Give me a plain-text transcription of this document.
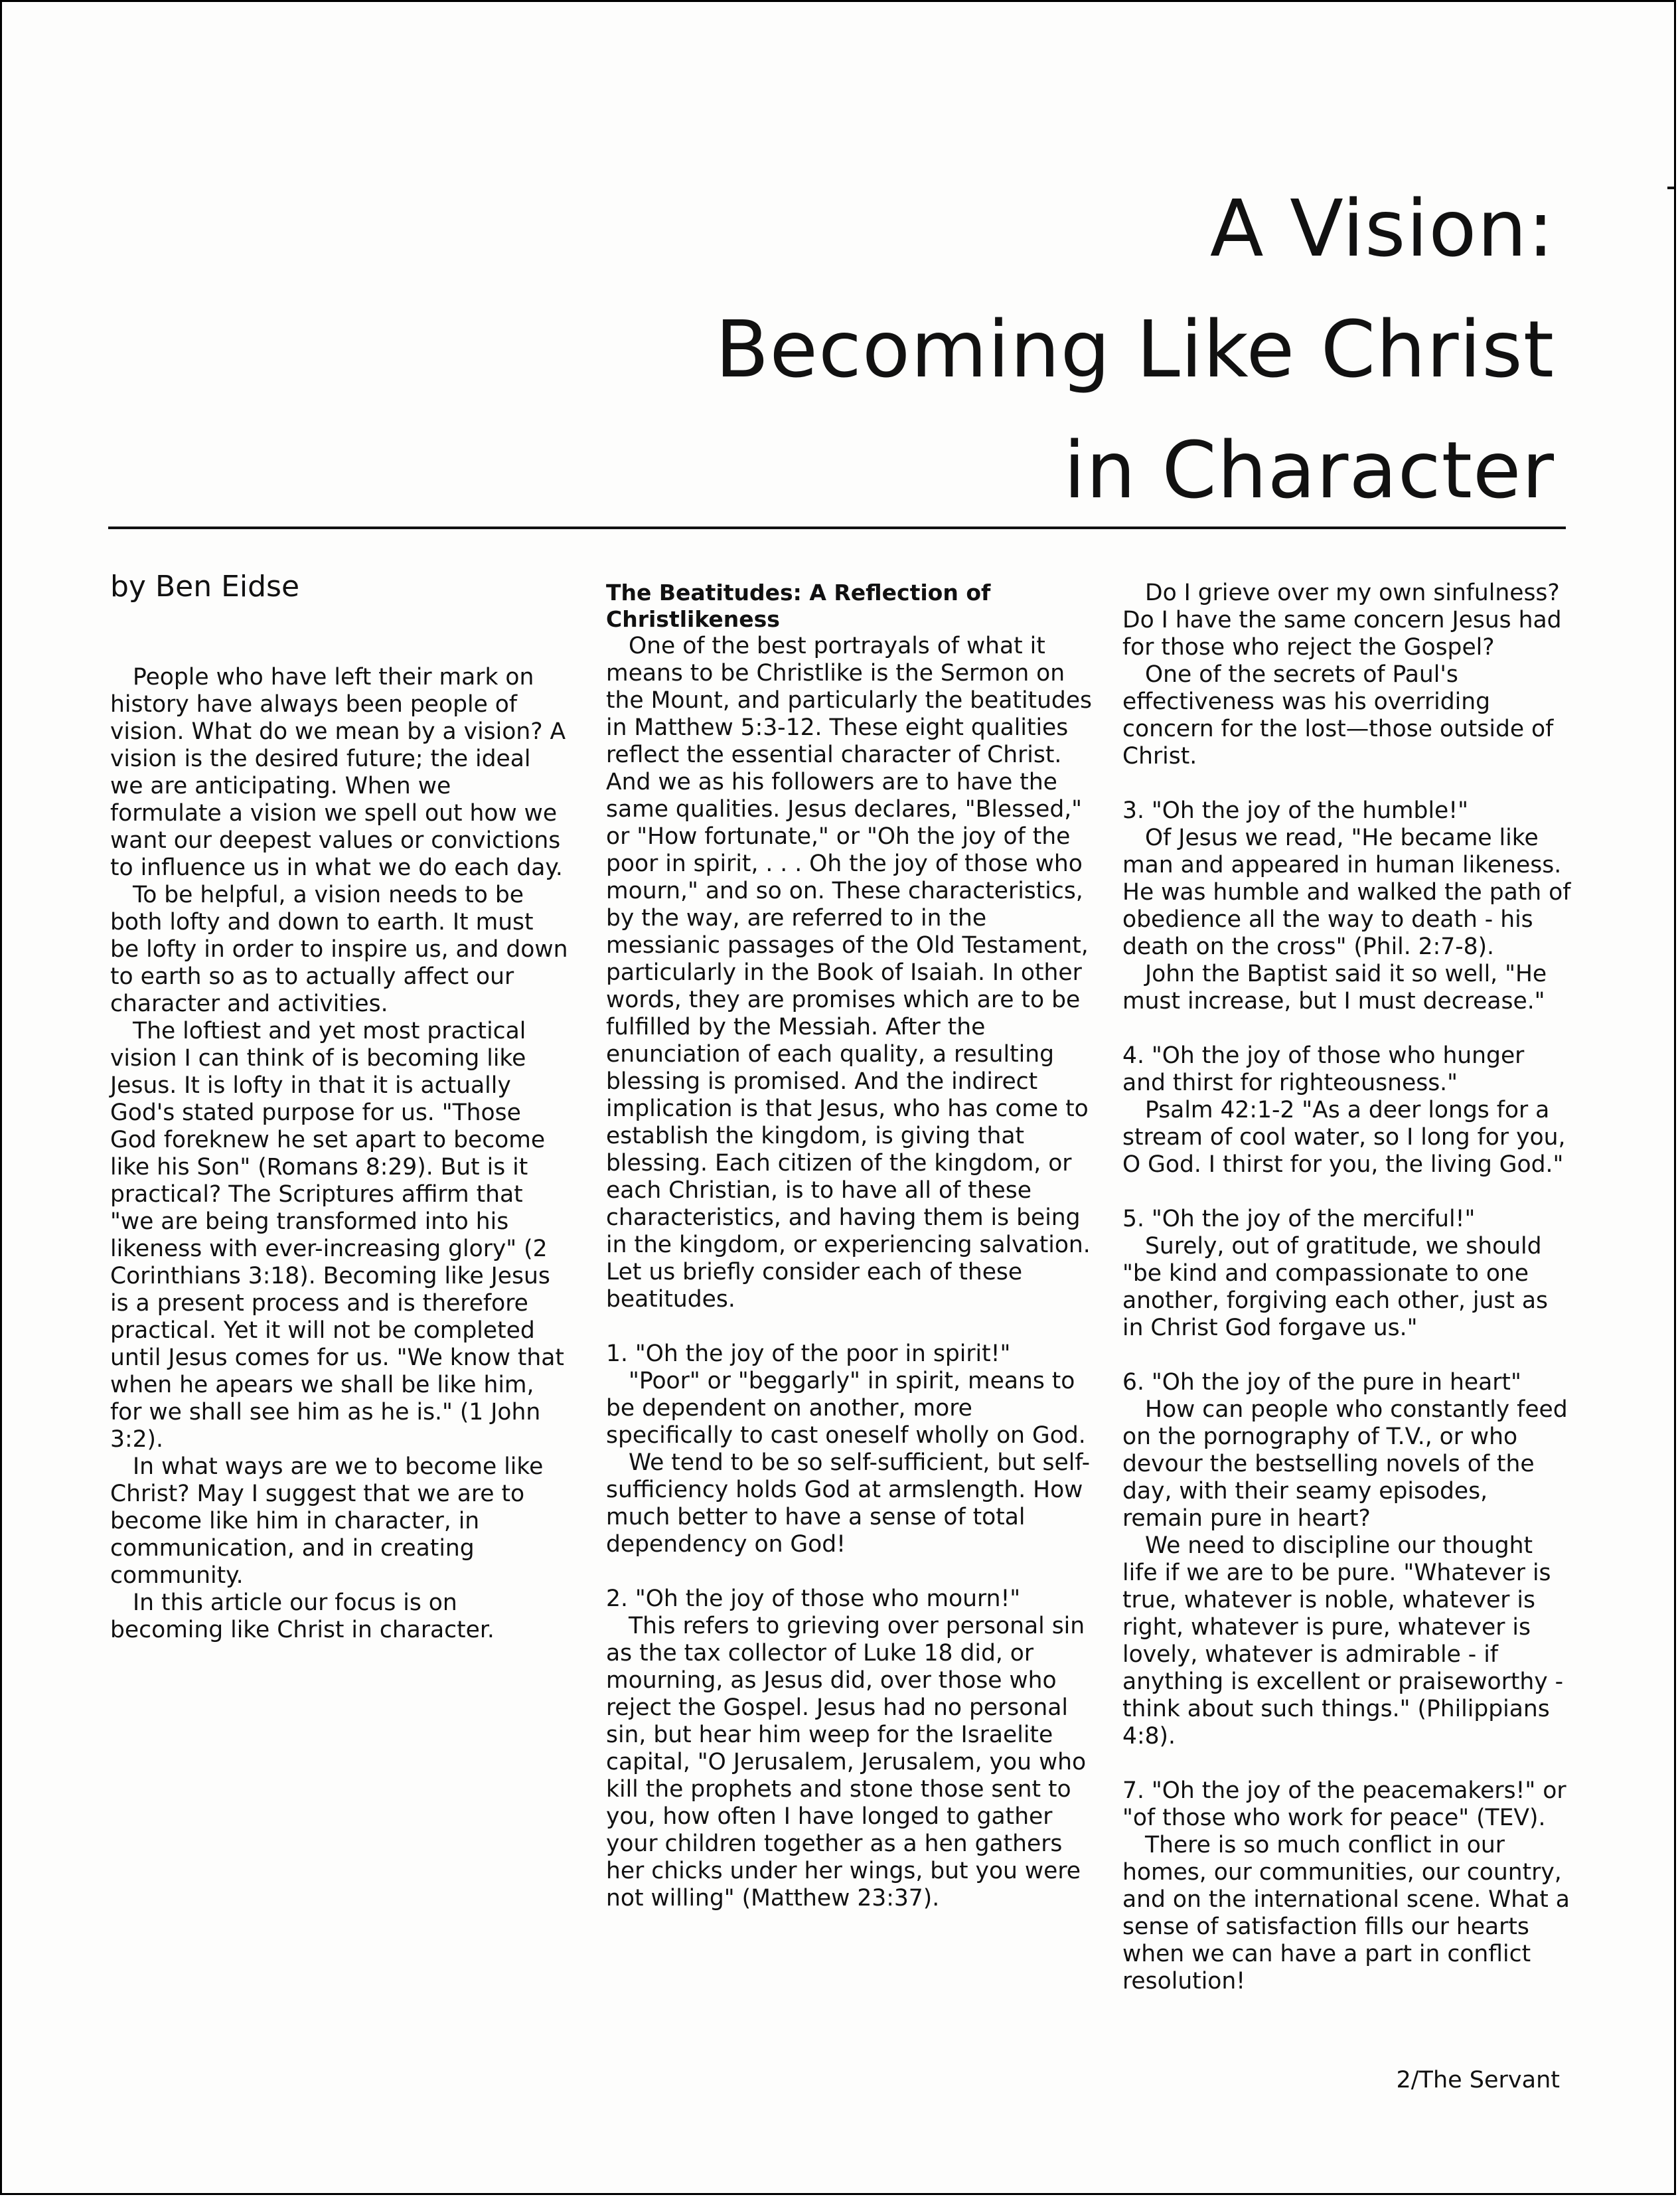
A Vision:
Becoming Like Christ
in Character
by Ben Eidse

People who have left their mark on history have always been people of vision. What do we mean by a vision? A vision is the desired future; the ideal we are anticipating. When we formulate a vision we spell out how we want our deepest values or convictions to influence us in what we do each day.

To be helpful, a vision needs to be both lofty and down to earth. It must be lofty in order to inspire us, and down to earth so as to actually affect our character and activities.

The loftiest and yet most practical vision I can think of is becoming like Jesus. It is lofty in that it is actually God's stated purpose for us. "Those God foreknew he set apart to become like his Son" (Romans 8:29). But is it practical? The Scriptures affirm that "we are being transformed into his likeness with ever-increasing glory" (2 Corinthians 3:18). Becoming like Jesus is a present process and is therefore practical. Yet it will not be completed until Jesus comes for us. "We know that when he apears we shall be like him, for we shall see him as he is." (1 John 3:2).

In what ways are we to become like Christ? May I suggest that we are to become like him in character, in communication, and in creating community.

In this article our focus is on becoming like Christ in character.

The Beatitudes: A Reflection of Christlikeness

One of the best portrayals of what it means to be Christlike is the Sermon on the Mount, and particularly the beatitudes in Matthew 5:3-12. These eight qualities reflect the essential character of Christ. And we as his followers are to have the same qualities. Jesus declares, "Blessed," or "How fortunate," or "Oh the joy of the poor in spirit, . . . Oh the joy of those who mourn," and so on. These characteristics, by the way, are referred to in the messianic passages of the Old Testament, particularly in the Book of Isaiah. In other words, they are promises which are to be fulfilled by the Messiah. After the enunciation of each quality, a resulting blessing is promised. And the indirect implication is that Jesus, who has come to establish the kingdom, is giving that blessing. Each citizen of the kingdom, or each Christian, is to have all of these characteristics, and having them is being in the kingdom, or experiencing salvation. Let us briefly consider each of these beatitudes.

1. "Oh the joy of the poor in spirit!"

"Poor" or "beggarly" in spirit, means to be dependent on another, more specifically to cast oneself wholly on God.

We tend to be so self-sufficient, but self-sufficiency holds God at armslength. How much better to have a sense of total dependency on God!

2. "Oh the joy of those who mourn!"

This refers to grieving over personal sin as the tax collector of Luke 18 did, or mourning, as Jesus did, over those who reject the Gospel. Jesus had no personal sin, but hear him weep for the Israelite capital, "O Jerusalem, Jerusalem, you who kill the prophets and stone those sent to you, how often I have longed to gather your children together as a hen gathers her chicks under her wings, but you were not willing" (Matthew 23:37).

Do I grieve over my own sinfulness? Do I have the same concern Jesus had for those who reject the Gospel?

One of the secrets of Paul's effectiveness was his overriding concern for the lost—those outside of Christ.

3. "Oh the joy of the humble!"

Of Jesus we read, "He became like man and appeared in human likeness. He was humble and walked the path of obedience all the way to death - his death on the cross" (Phil. 2:7-8).

John the Baptist said it so well, "He must increase, but I must decrease."

4. "Oh the joy of those who hunger and thirst for righteousness."

Psalm 42:1-2 "As a deer longs for a stream of cool water, so I long for you, O God. I thirst for you, the living God."

5. "Oh the joy of the merciful!"

Surely, out of gratitude, we should "be kind and compassionate to one another, forgiving each other, just as in Christ God forgave us."

6. "Oh the joy of the pure in heart"

How can people who constantly feed on the pornography of T.V., or who devour the bestselling novels of the day, with their seamy episodes, remain pure in heart?

We need to discipline our thought life if we are to be pure. "Whatever is true, whatever is noble, whatever is right, whatever is pure, whatever is lovely, whatever is admirable - if anything is excellent or praiseworthy - think about such things." (Philippians 4:8).

7. "Oh the joy of the peacemakers!" or "of those who work for peace" (TEV).

There is so much conflict in our homes, our communities, our country, and on the international scene. What a sense of satisfaction fills our hearts when we can have a part in conflict resolution!

2/The Servant
